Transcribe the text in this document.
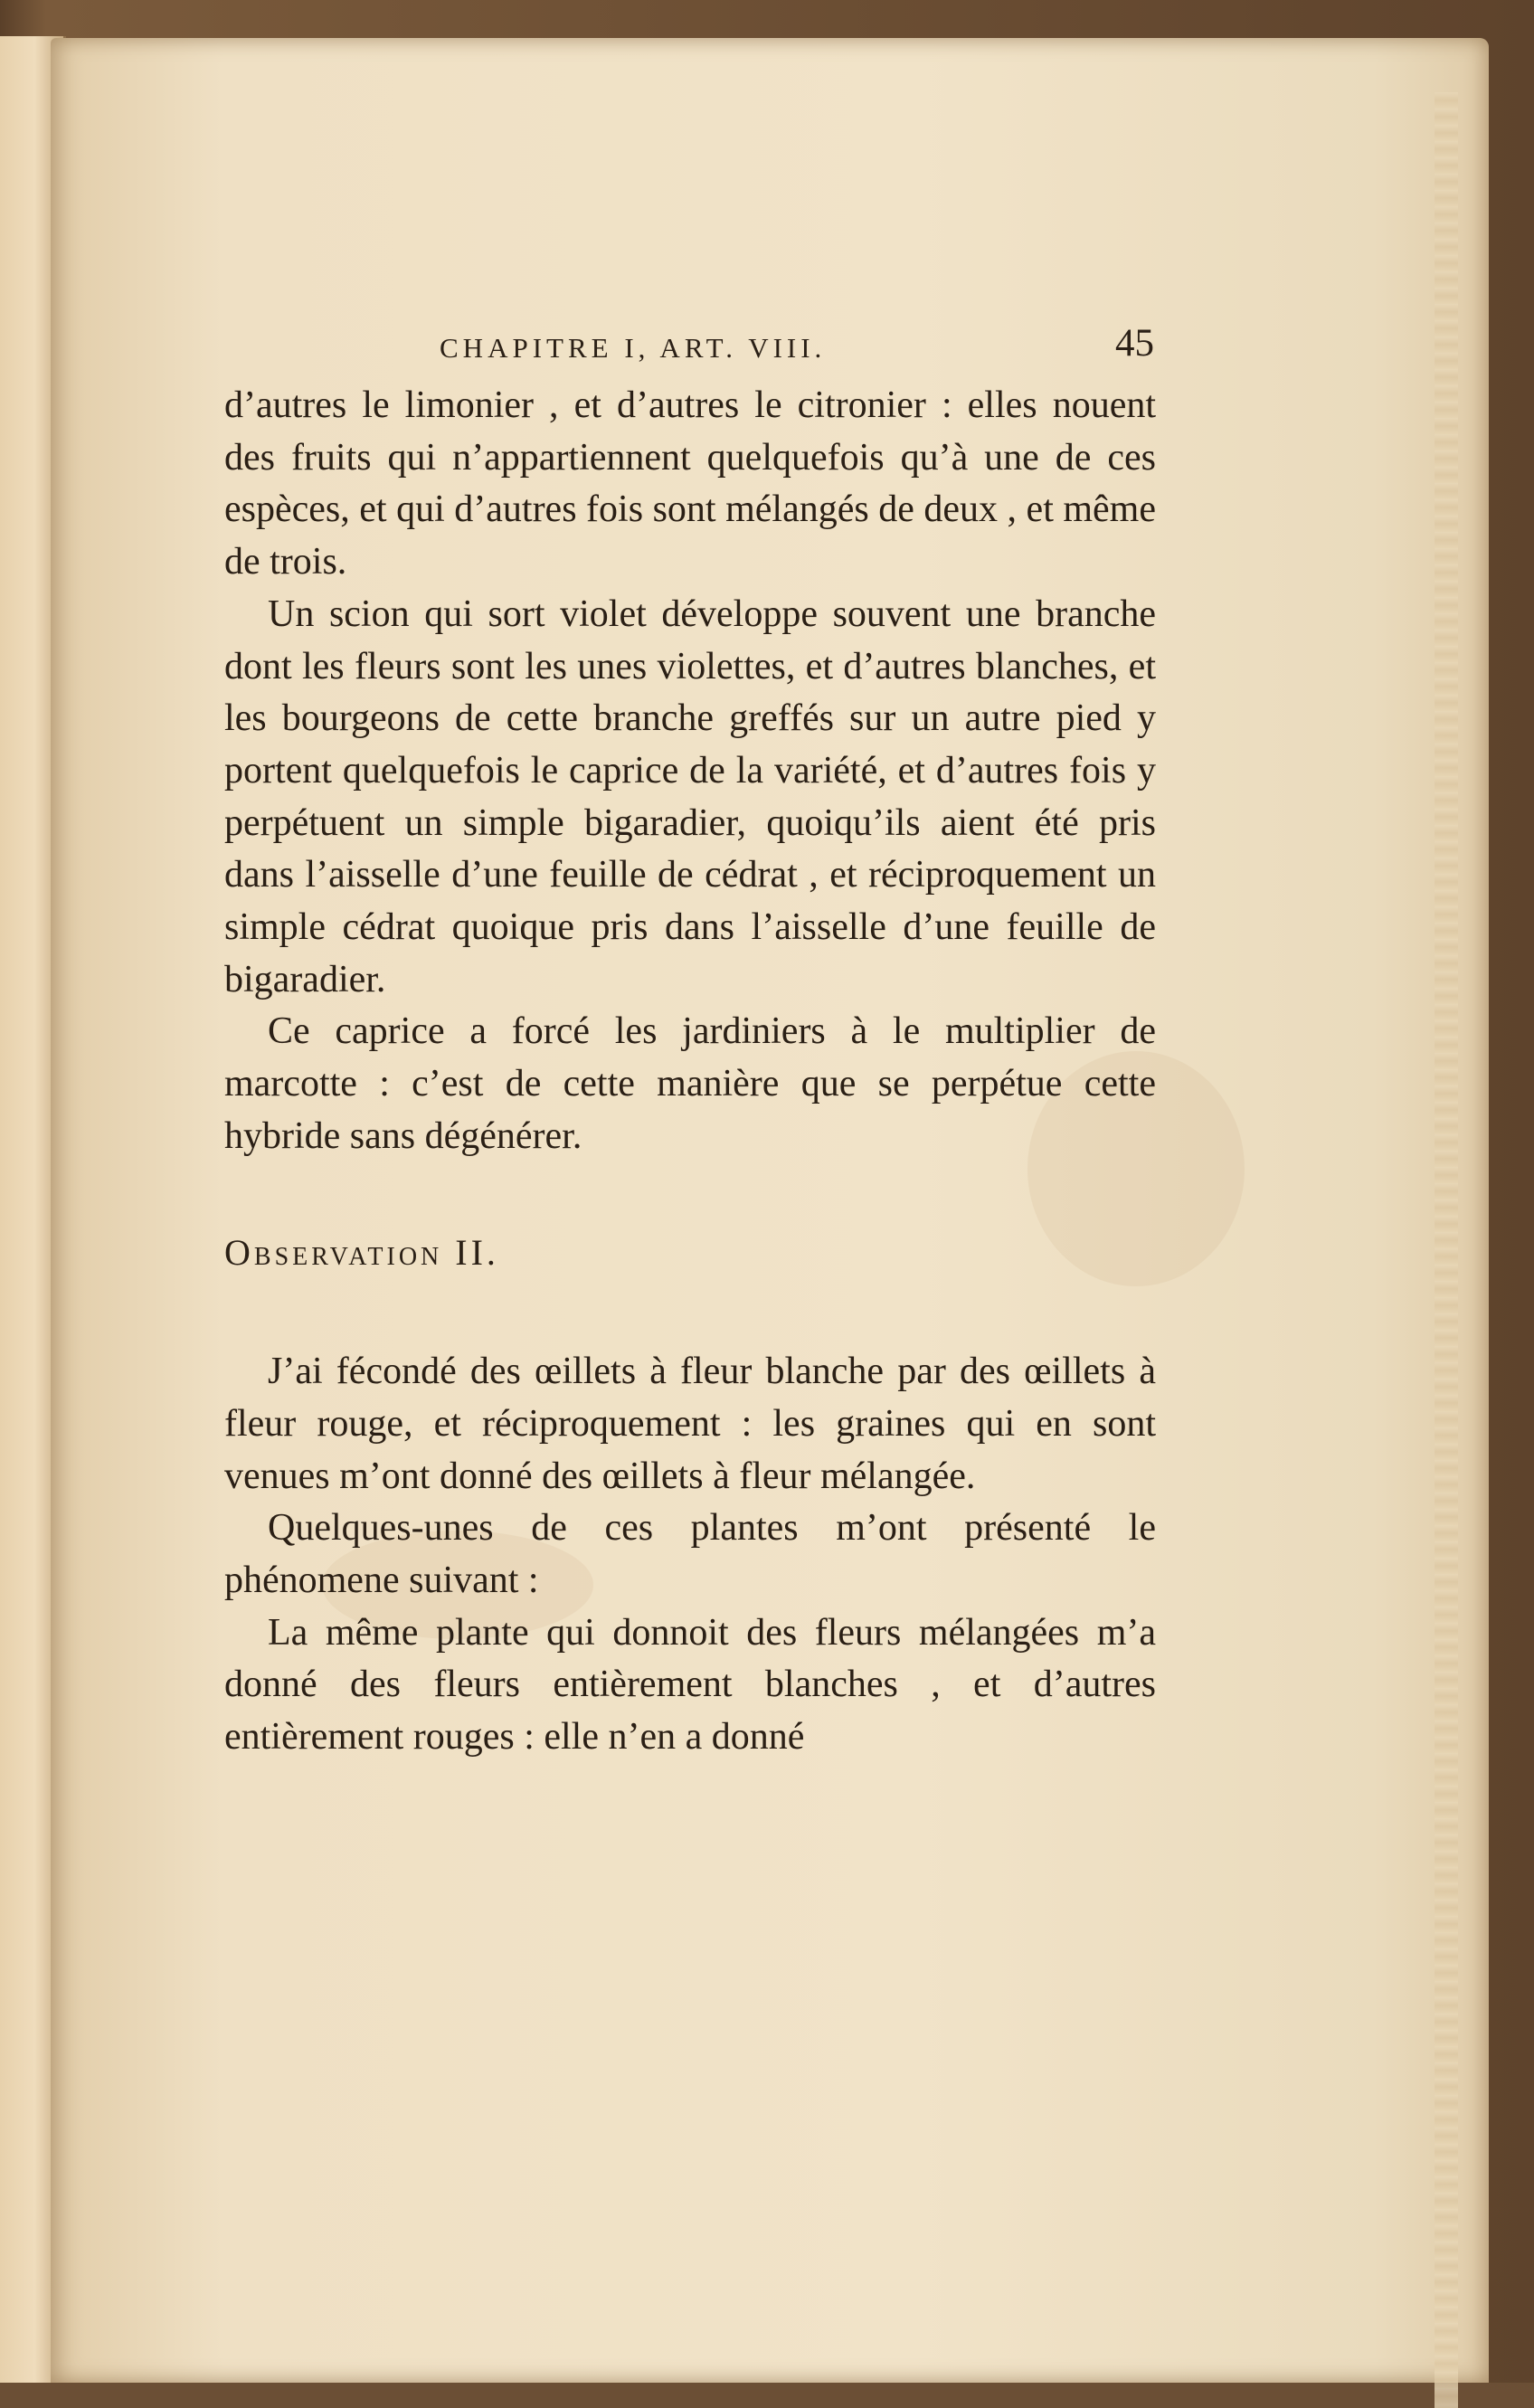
CHAPITRE I, ART. VIII.	45

d’autres le limonier , et d’autres le citronier : elles nouent des fruits qui n’appartiennent quelquefois qu’à une de ces espèces, et qui d’autres fois sont mélangés de deux , et même de trois.

Un scion qui sort violet développe souvent une branche dont les fleurs sont les unes violettes, et d’autres blanches, et les bourgeons de cette branche greffés sur un autre pied y portent quelquefois le caprice de la variété, et d’autres fois y perpétuent un simple bigaradier, quoiqu’ils aient été pris dans l’aisselle d’une feuille de cédrat , et réciproquement un simple cédrat quoique pris dans l’aisselle d’une feuille de bigaradier.

Ce caprice a forcé les jardiniers à le multiplier de marcotte : c’est de cette manière que se perpétue cette hybride sans dégénérer.

Observation II.

J’ai fécondé des œillets à fleur blanche par des œillets à fleur rouge, et réciproquement : les graines qui en sont venues m’ont donné des œillets à fleur mélangée.

Quelques-unes de ces plantes m’ont présenté le phénomene suivant :

La même plante qui donnoit des fleurs mélangées m’a donné des fleurs entièrement blanches , et d’autres entièrement rouges : elle n’en a donné
